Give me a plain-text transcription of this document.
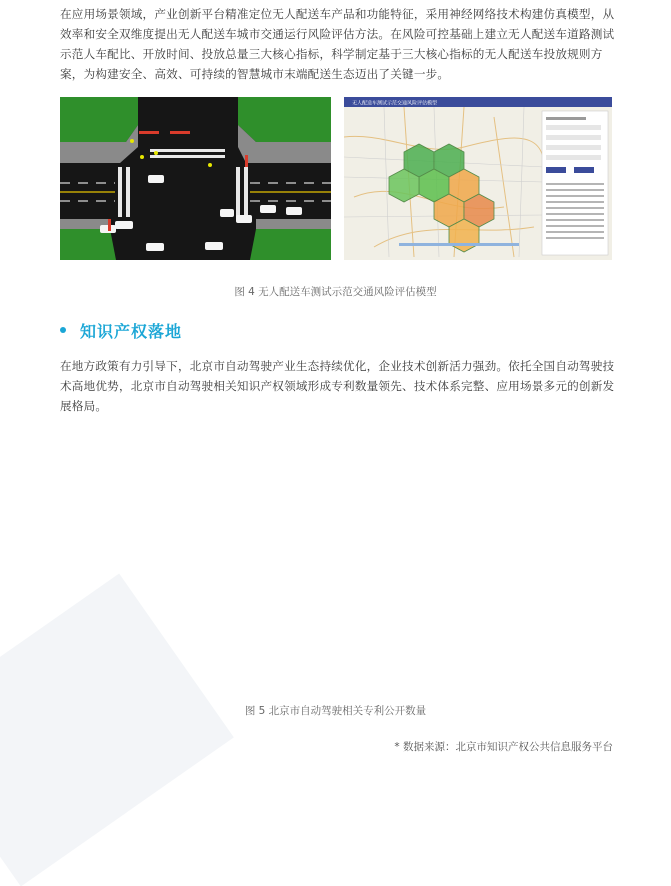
在应用场景领域，产业创新平台精准定位无人配送车产品和功能特征，采用神经网络技术构建仿真模型，从效率和安全双维度提出无人配送车城市交通运行风险评估方法。在风险可控基础上建立无人配送车道路测试示范人车配比、开放时间、投放总量三大核心指标，科学制定基于三大核心指标的无人配送车投放规则方案，为构建安全、高效、可持续的智慧城市末端配送生态迈出了关键一步。

无人配送车测试示范交通风险评估模型
图 4 无人配送车测试示范交通风险评估模型
知识产权落地

在地方政策有力引导下，北京市自动驾驶产业生态持续优化，企业技术创新活力强劲。依托全国自动驾驶技术高地优势，北京市自动驾驶相关知识产权领域形成专利数量领先、技术体系完整、应用场景多元的创新发展格局。

图 5 北京市自动驾驶相关专利公开数量
* 数据来源：北京市知识产权公共信息服务平台
